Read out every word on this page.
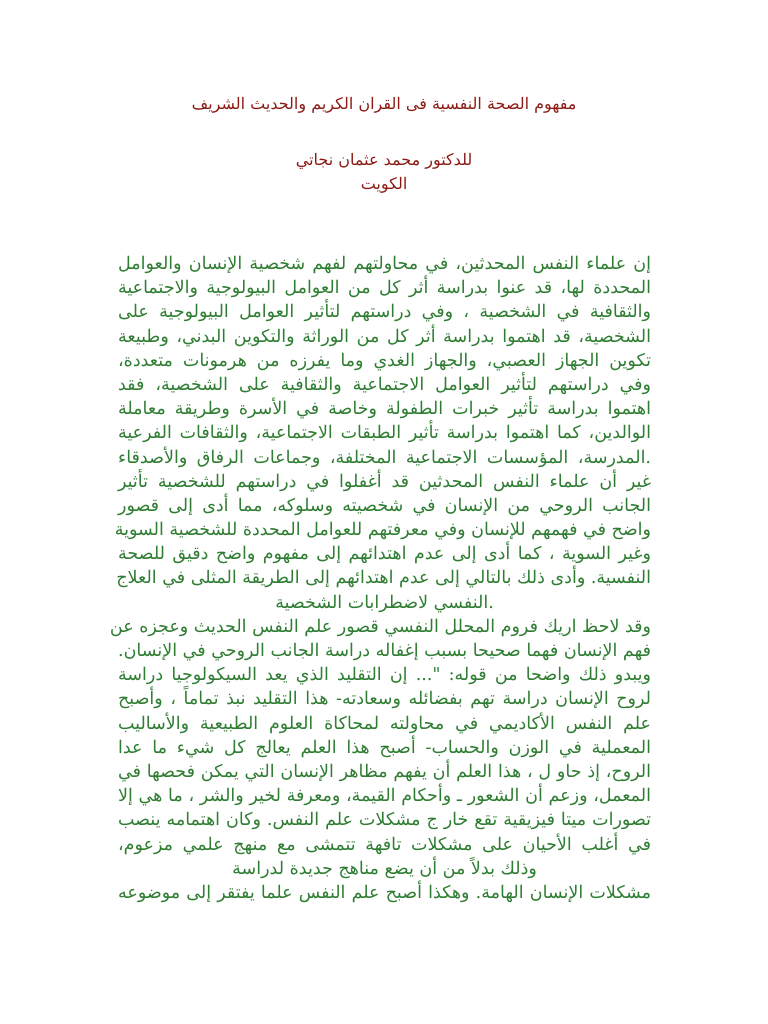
مفهوم الصحة النفسية فى القران الكريم والحديث الشريف
للدكتور محمد عثمان نجاتي
الكويت
إن علماء النفس المحدثين، في محاولتهم لفهم شخصية الإنسان والعوامل
المحددة لها، قد عنوا بدراسة أثر كل من العوامل البيولوجية والاجتماعية
والثقافية في الشخصية ، وفي دراستهم لتأثير العوامل البيولوجية على
الشخصية، قد اهتموا بدراسة أثر كل من الوراثة والتكوين البدني، وطبيعة
تكوين الجهاز العصبي، والجهاز الغدي وما يفرزه من هرمونات متعددة،
وفي دراستهم لتأثير العوامل الاجتماعية والثقافية على الشخصية، فقد
اهتموا بدراسة تأثير خبرات الطفولة وخاصة في الأسرة وطريقة معاملة
الوالدين، كما اهتموا بدراسة تأثير الطبقات الاجتماعية، والثقافات الفرعية
.المدرسة، المؤسسات الاجتماعية المختلفة، وجماعات الرفاق والأصدقاء
غير أن علماء النفس المحدثين قد أغفلوا في دراستهم للشخصية تأثير
الجانب الروحي من الإنسان في شخصيته وسلوكه، مما أدى إلى قصور
واضح في فهمهم للإنسان وفي معرفتهم للعوامل المحددة للشخصية السوية
وغير السوية ، كما أدى إلى عدم اهتدائهم إلى مفهوم واضح دقيق للصحة
النفسية. وأدى ذلك بالتالي إلى عدم اهتدائهم إلى الطريقة المثلى في العلاج
.النفسي لاضطرابات الشخصية
وقد لاحظ اريك فروم المحلل النفسي قصور علم النفس الحديث وعجزه عن
فهم الإنسان فهما صحيحا بسبب إغفاله دراسة الجانب الروحي في الإنسان.
ويبدو ذلك واضحا من قوله: "... إن التقليد الذي يعد السيكولوجيا دراسة
لروح الإنسان دراسة تهم بفضائله وسعادته- هذا التقليد نبذ تماماً ، وأصبح
علم النفس الأكاديمي في محاولته لمحاكاة العلوم الطبيعية والأساليب
المعملية في الوزن والحساب- أصبح هذا العلم يعالج كل شيء ما عدا
الروح، إذ حاو ل ، هذا العلم أن يفهم مظاهر الإنسان التي يمكن فحصها في
المعمل، وزعم أن الشعور ـ وأحكام القيمة، ومعرفة لخير والشر ، ما هي إلا
تصورات ميتا فيزيقية تقع خار ج مشكلات علم النفس. وكان اهتمامه ينصب
في أغلب الأحيان على مشكلات تافهة تتمشى مع منهج علمي مزعوم،
وذلك بدلاً من أن يضع مناهج جديدة لدراسة
مشكلات الإنسان الهامة. وهكذا أصبح علم النفس علما يفتقر إلى موضوعه
